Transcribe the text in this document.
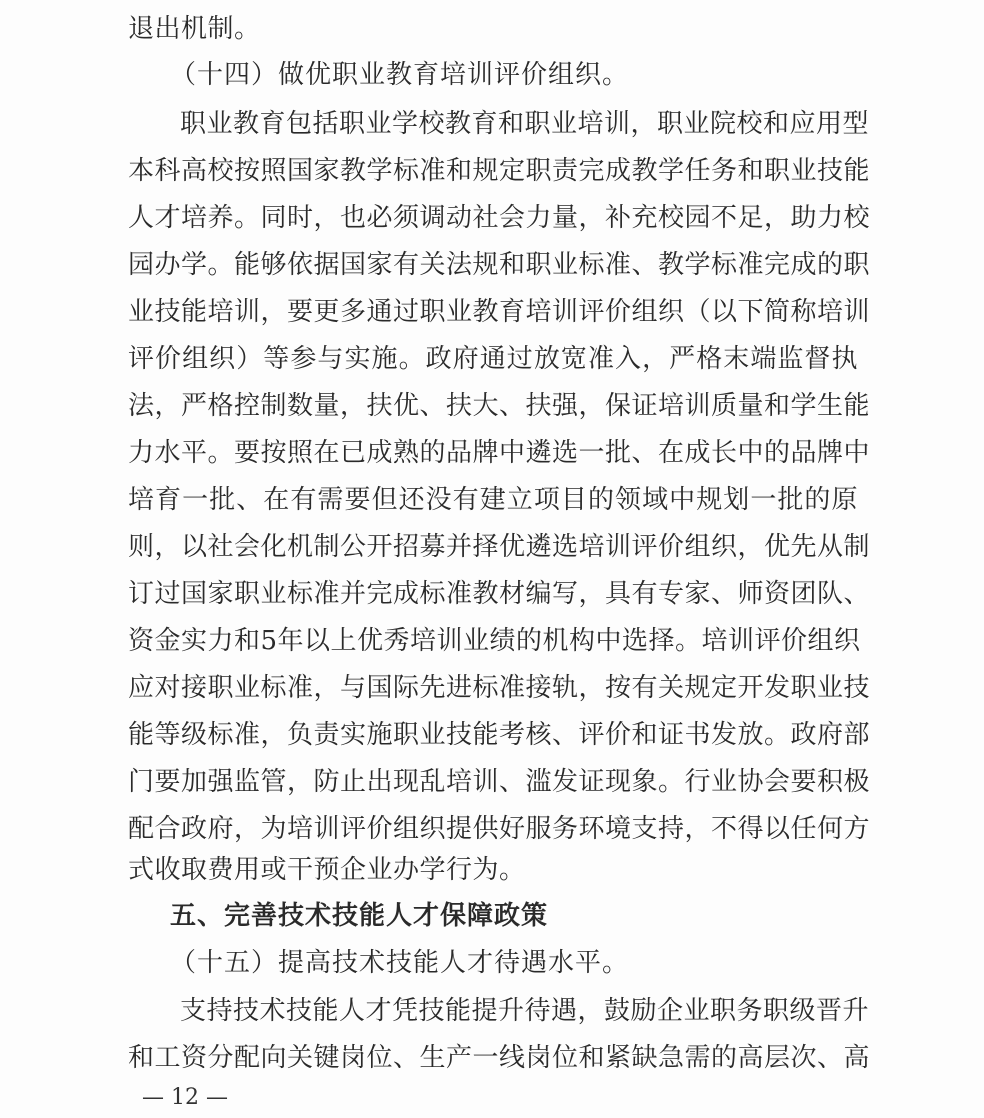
退出机制。
（十四）做优职业教育培训评价组织。
职业教育包括职业学校教育和职业培训，职业院校和应用型
本科高校按照国家教学标准和规定职责完成教学任务和职业技能
人才培养。同时，也必须调动社会力量，补充校园不足，助力校
园办学。能够依据国家有关法规和职业标准、教学标准完成的职
业技能培训，要更多通过职业教育培训评价组织（以下简称培训
评价组织）等参与实施。政府通过放宽准入，严格末端监督执
法，严格控制数量，扶优、扶大、扶强，保证培训质量和学生能
力水平。要按照在已成熟的品牌中遴选一批、在成长中的品牌中
培育一批、在有需要但还没有建立项目的领域中规划一批的原
则，以社会化机制公开招募并择优遴选培训评价组织，优先从制
订过国家职业标准并完成标准教材编写，具有专家、师资团队、
资金实力和5年以上优秀培训业绩的机构中选择。培训评价组织
应对接职业标准，与国际先进标准接轨，按有关规定开发职业技
能等级标准，负责实施职业技能考核、评价和证书发放。政府部
门要加强监管，防止出现乱培训、滥发证现象。行业协会要积极
配合政府，为培训评价组织提供好服务环境支持，不得以任何方
式收取费用或干预企业办学行为。
五、完善技术技能人才保障政策
（十五）提高技术技能人才待遇水平。
支持技术技能人才凭技能提升待遇，鼓励企业职务职级晋升
和工资分配向关键岗位、生产一线岗位和紧缺急需的高层次、高
— 12 —
